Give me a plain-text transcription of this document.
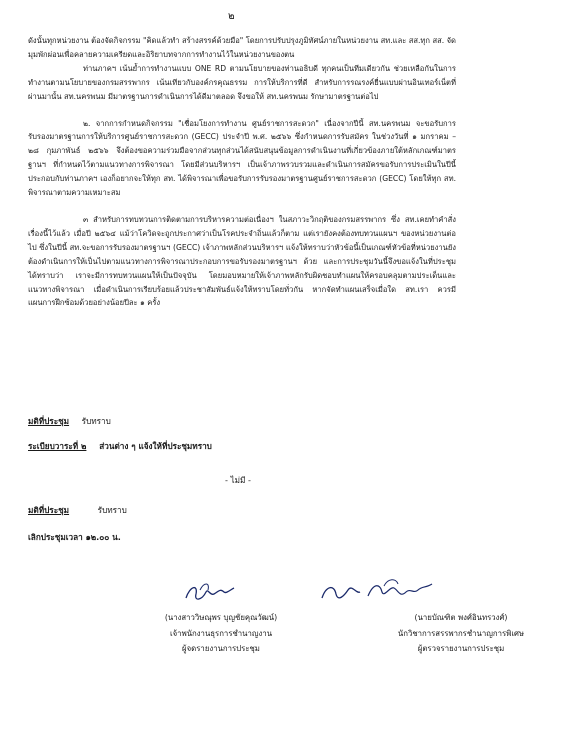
๒

ดังนั้นทุกหน่วยงาน ต้องจัดกิจกรรม "คิดแล้วทำ สร้างสรรค์ด้วยมือ" โดยการปรับปรุงภูมิทัศน์ภายในหน่วยงาน สท.และ สส.ทุก สส. จัดมุมพักผ่อนเพื่อคลายความเครียดและอิริยาบทจากการทำงานไว้ในหน่วยงานของตน

ท่านภาคฯ เน้นย้ำการทำงานแบบ ONE RD ตามนโยบายของท่านอธิบดี ทุกคนเป็นทีมเดียวกัน ช่วยเหลือกันในการทำงานตามนโยบายของกรมสรรพากร เน้นเทียวกับองค์กรคุณธรรม การให้บริการที่ดี สำหรับการรณรงค์ยื่นแบบผ่านอินเทอร์เน็ตที่ผ่านมานั้น สท.นครพนม มีมาตรฐานการดำเนินการได้ดีมาตลอด จึงขอให้ สท.นครพนม รักษามาตรฐานต่อไป

๒. จากการกำหนดกิจกรรม "เชื่อมโยงการทำงาน ศูนย์ราชการสะดวก" เนื่องจากปีนี้ สท.นครพนม จะขอรับการรับรองมาตรฐานการให้บริการศูนย์ราชการสะดวก (GECC) ประจำปี พ.ศ. ๒๕๖๖ ซึ่งกำหนดการรับสมัคร ในช่วงวันที่ ๑ มกราคม – ๒๘ กุมภาพันธ์ ๒๕๖๖ จึงต้องขอความร่วมมือจากส่วนทุกส่วนได้สนับสนุนข้อมูลการดำเนินงานที่เกี่ยวข้องภายใต้หลักเกณฑ์มาตรฐานฯ ที่กำหนดไว้ตามแนวทางการพิจารณา โดยมีส่วนบริหารฯ เป็นเจ้าภาพรวบรวมและดำเนินการสมัครขอรับการประเมินในปีนี้ ประกอบกับท่านภาคฯ เองก็อยากจะให้ทุก สท. ได้พิจารณาเพื่อขอรับการรับรองมาตรฐานศูนย์ราชการสะดวก (GECC) โดยให้ทุก สท. พิจารณาตามความเหมาะสม

๓ สำหรับการทบทวนการติดตามการบริหารความต่อเนื่องฯ ในสภาวะวิกฤติของกรมสรรพากร ซึ่ง สท.เคยทำคำสั่งเรื่องนี้ไว้แล้ว เมื่อปี ๒๕๖๔ แม้ว่าโควิดจะถูกประกาศว่าเป็นโรคประจำถิ่นแล้วก็ตาม แต่เรายังคงต้องทบทวนแผนฯ ของหน่วยงานต่อไป ซึ่งในปีนี้ สท.จะขอการรับรองมาตรฐานฯ (GECC) เจ้าภาพหลักส่วนบริหารฯ แจ้งให้ทราบว่าหัวข้อนี้เป็นเกณฑ์หัวข้อที่หน่วยงานยังต้องดำเนินการให้เป็นไปตามแนวทางการพิจารณาประกอบการขอรับรองมาตรฐานฯ ด้วย และการประชุมวันนี้จึงขอแจ้งในที่ประชุมได้ทราบว่า เราจะมีการทบทวนแผนให้เป็นปัจจุบัน โดยมอบหมายให้เจ้าภาพหลักรับผิดชอบทำแผนให้ครอบคลุมตามประเด็นและแนวทางพิจารณา เมื่อดำเนินการเรียบร้อยแล้วประชาสัมพันธ์แจ้งให้ทราบโดยทั่วกัน หากจัดทำแผนเสร็จเมื่อใด สท.เรา ควรมีแผนการฝึกซ้อมด้วยอย่างน้อยปีละ ๑ ครั้ง

มติที่ประชุม รับทราบ
ระเบียบวาระที่ ๒ ส่วนต่าง ๆ แจ้งให้ที่ประชุมทราบ
- ไม่มี -
มติที่ประชุม	รับทราบ
เลิกประชุมเวลา ๑๒.๐๐ น.
(นางสาววิษณุพร บุญชัยคุณวัฒน์)
เจ้าพนักงานธุรการชำนาญงาน
ผู้จดรายงานการประชุม
(นายบัณฑิต พงศ์อินทรวงศ์)
นักวิชาการสรรพากรชำนาญการพิเศษ
ผู้ตรวจรายงานการประชุม
